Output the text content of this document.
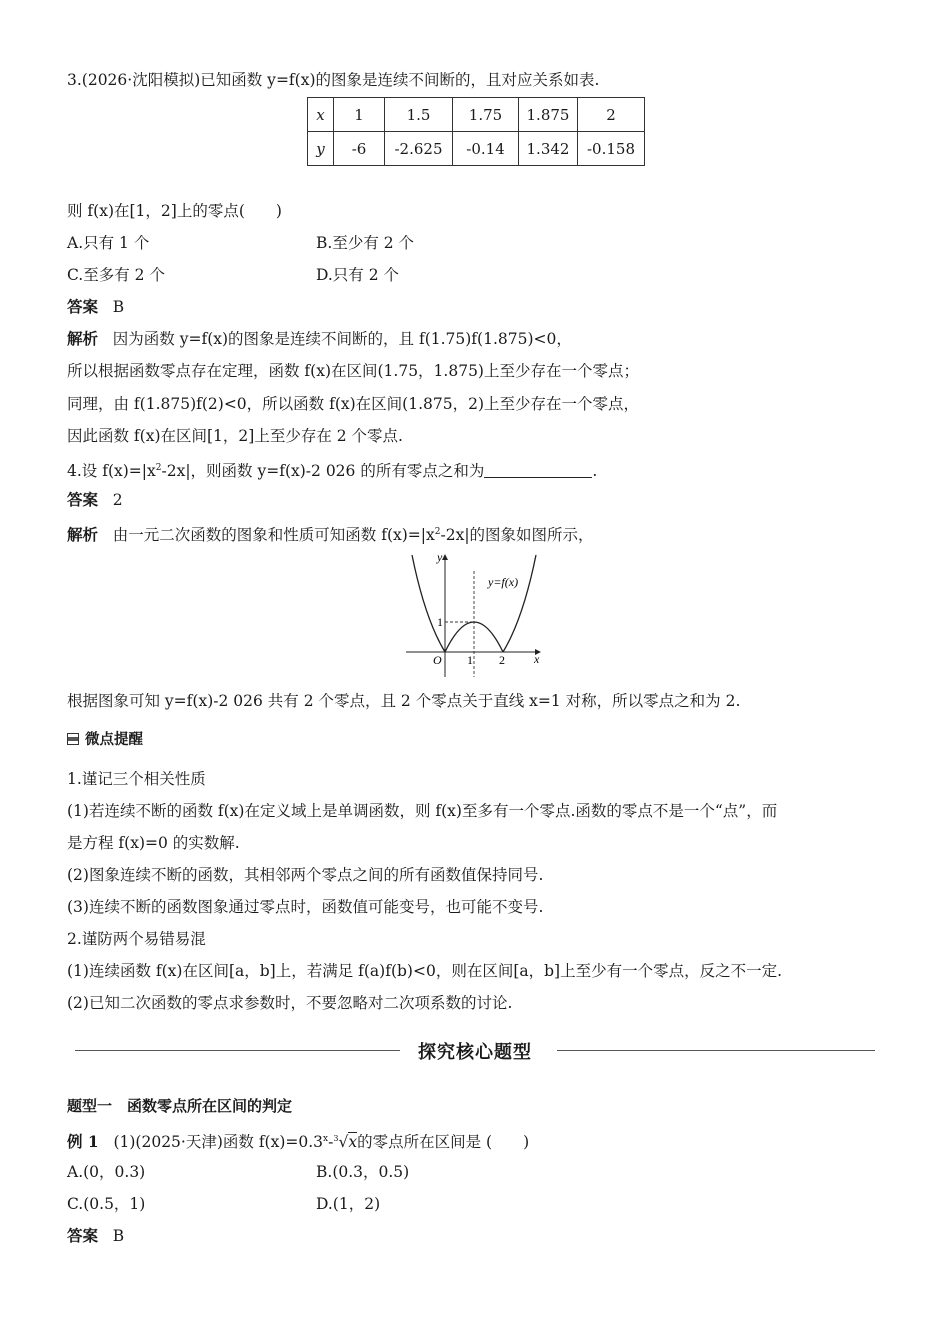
3.(2026·沈阳模拟)已知函数 y=f(x)的图象是连续不间断的，且对应关系如表.
x	1	1.5	1.75	1.875	2
y	-6	-2.625	-0.14	1.342	-0.158
则 f(x)在[1，2]上的零点(　　)
A.只有 1 个	B.至少有 2 个
C.至多有 2 个	D.只有 2 个
答案 B
解析 因为函数 y=f(x)的图象是连续不间断的，且 f(1.75)f(1.875)<0，
所以根据函数零点存在定理，函数 f(x)在区间(1.75，1.875)上至少存在一个零点；
同理，由 f(1.875)f(2)<0，所以函数 f(x)在区间(1.875，2)上至少存在一个零点，
因此函数 f(x)在区间[1，2]上至少存在 2 个零点.
4.设 $f(x)=|x^2-2x|$，则函数 y=f(x)-2 026 的所有零点之和为	.
答案 2
解析 由一元二次函数的图象和性质可知函数 $f(x)=|x^2-2x|$的图象如图所示，
y
x
O 1 2
1
y=f(x)
根据图象可知 y=f(x)-2 026 共有 2 个零点，且 2 个零点关于直线 x=1 对称，所以零点之和为 2.
微点提醒
1.谨记三个相关性质
(1)若连续不断的函数 f(x)在定义域上是单调函数，则 f(x)至多有一个零点.函数的零点不是一个“点”，而
是方程 f(x)=0 的实数解.
(2)图象连续不断的函数，其相邻两个零点之间的所有函数值保持同号.
(3)连续不断的函数图象通过零点时，函数值可能变号，也可能不变号.
2.谨防两个易错易混
(1)连续函数 f(x)在区间[a，b]上，若满足 f(a)f(b)<0，则在区间[a，b]上至少有一个零点，反之不一定.
(2)已知二次函数的零点求参数时，不要忽略对二次项系数的讨论.
探究核心题型
题型一　函数零点所在区间的判定
例 1 (1)(2025·天津)函数 $f(x)=0.3^x-^3√x$的零点所在区间是 (　　)
A.(0，0.3)	B.(0.3，0.5)
C.(0.5，1)	D.(1，2)
答案 B
